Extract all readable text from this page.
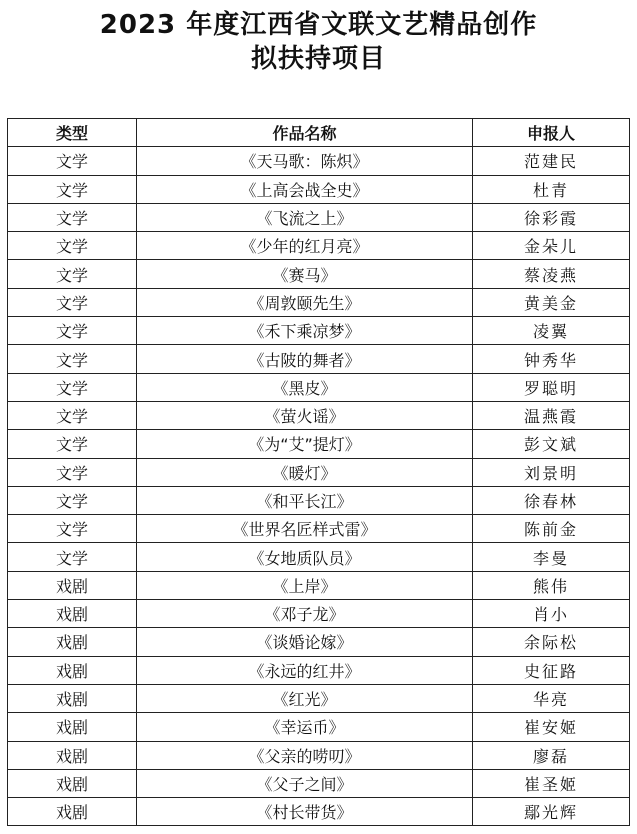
2023 年度江西省文联文艺精品创作
拟扶持项目
类型	作品名称	申报人
文学	《天马歌：陈炽》	范建民
文学	《上高会战全史》	杜青
文学	《飞流之上》	徐彩霞
文学	《少年的红月亮》	金朵儿
文学	《赛马》	蔡凌燕
文学	《周敦颐先生》	黄美金
文学	《禾下乘凉梦》	凌翼
文学	《古陂的舞者》	钟秀华
文学	《黑皮》	罗聪明
文学	《萤火谣》	温燕霞
文学	《为“艾”提灯》	彭文斌
文学	《暖灯》	刘景明
文学	《和平长江》	徐春林
文学	《世界名匠样式雷》	陈前金
文学	《女地质队员》	李曼
戏剧	《上岸》	熊伟
戏剧	《邓子龙》	肖小
戏剧	《谈婚论嫁》	余际松
戏剧	《永远的红井》	史征路
戏剧	《红光》	华亮
戏剧	《幸运币》	崔安姬
戏剧	《父亲的唠叨》	廖磊
戏剧	《父子之间》	崔圣姬
戏剧	《村长带货》	鄢光辉
